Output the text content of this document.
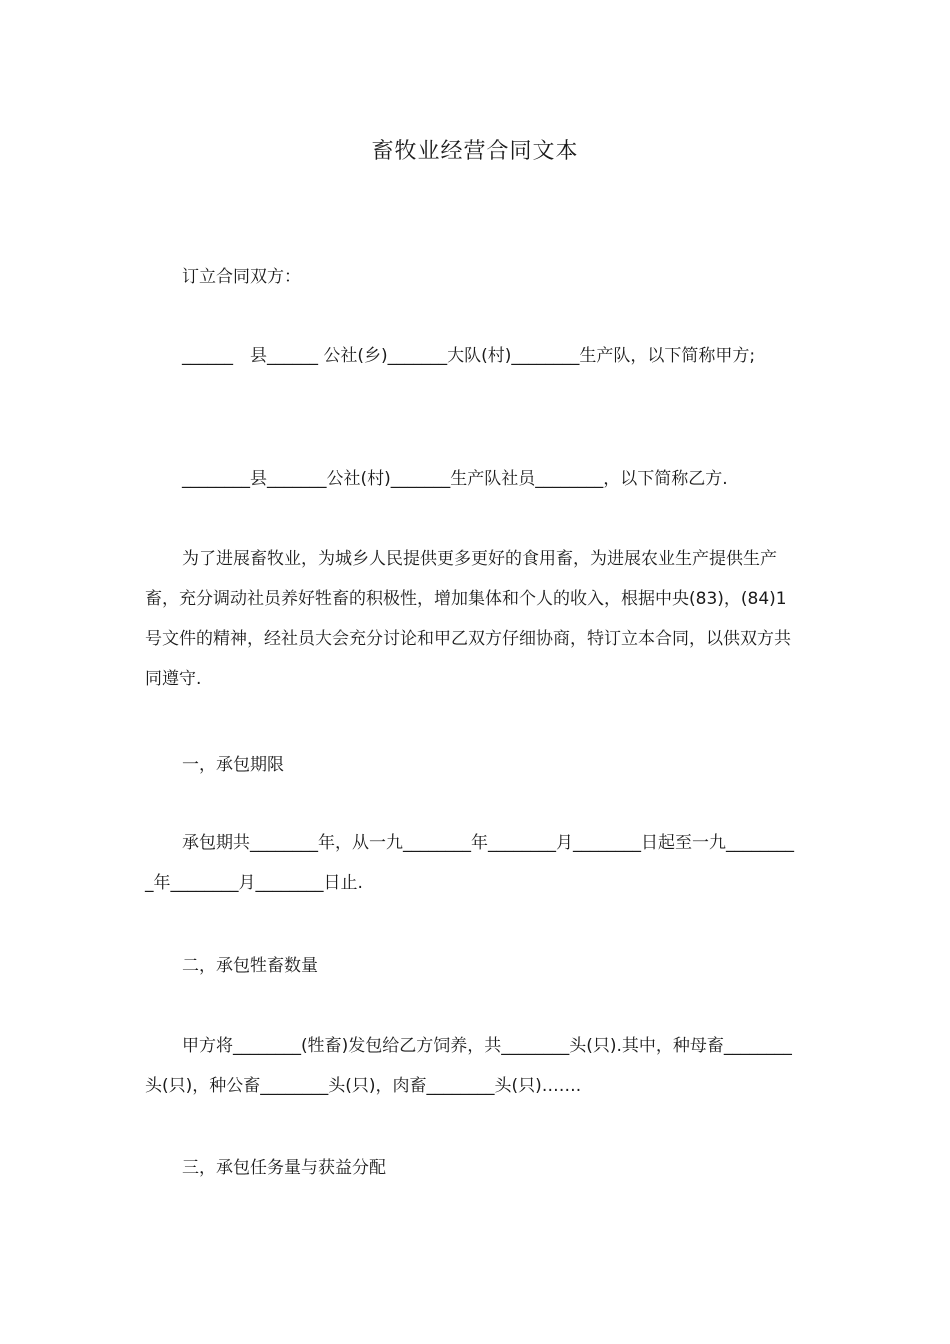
畜牧业经营合同文本

订立合同双方：

______　县______ 公社(乡)_______大队(村)________生产队，以下简称甲方;

________县_______公社(村)_______生产队社员________，以下简称乙方.

为了进展畜牧业，为城乡人民提供更多更好的食用畜，为进展农业生产提供生产畜，充分调动社员养好牲畜的积极性，增加集体和个人的收入，根据中央(83)，(84)1号文件的精神，经社员大会充分讨论和甲乙双方仔细协商，特订立本合同，以供双方共同遵守.

一，承包期限

承包期共________年，从一九________年________月________日起至一九_________年________月________日止.

二，承包牲畜数量

甲方将________(牲畜)发包给乙方饲养，共________头(只).其中，种母畜________头(只)，种公畜________头(只)，肉畜________头(只)…….

三，承包任务量与获益分配
